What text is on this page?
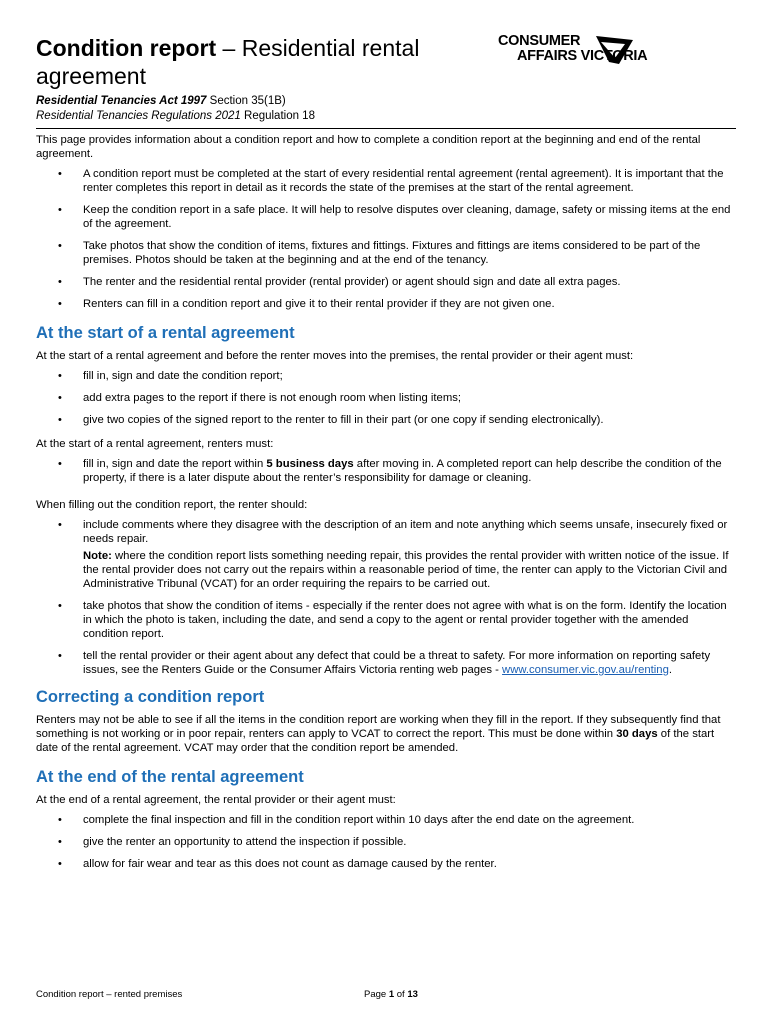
Condition report – Residential rental agreement
CONSUMER
AFFAIRS VICTORIA
Residential Tenancies Act 1997 Section 35(1B)
Residential Tenancies Regulations 2021 Regulation 18

This page provides information about a condition report and how to complete a condition report at the beginning and end of the rental agreement.

• A condition report must be completed at the start of every residential rental agreement (rental agreement). It is important that the renter completes this report in detail as it records the state of the premises at the start of the rental agreement.
• Keep the condition report in a safe place. It will help to resolve disputes over cleaning, damage, safety or missing items at the end of the agreement.
• Take photos that show the condition of items, fixtures and fittings. Fixtures and fittings are items considered to be part of the premises. Photos should be taken at the beginning and at the end of the tenancy.
• The renter and the residential rental provider (rental provider) or agent should sign and date all extra pages.
• Renters can fill in a condition report and give it to their rental provider if they are not given one.
At the start of a rental agreement

At the start of a rental agreement and before the renter moves into the premises, the rental provider or their agent must:

• fill in, sign and date the condition report;
• add extra pages to the report if there is not enough room when listing items;
• give two copies of the signed report to the renter to fill in their part (or one copy if sending electronically).

At the start of a rental agreement, renters must:

• fill in, sign and date the report within 5 business days after moving in. A completed report can help describe the condition of the property, if there is a later dispute about the renter’s responsibility for damage or cleaning.

When filling out the condition report, the renter should:

• include comments where they disagree with the description of an item and note anything which seems unsafe, insecurely fixed or needs repair.

Note: where the condition report lists something needing repair, this provides the rental provider with written notice of the issue. If the rental provider does not carry out the repairs within a reasonable period of time, the renter can apply to the Victorian Civil and Administrative Tribunal (VCAT) for an order requiring the repairs to be carried out.

• take photos that show the condition of items - especially if the renter does not agree with what is on the form. Identify the location in which the photo is taken, including the date, and send a copy to the agent or rental provider together with the amended condition report.
• tell the rental provider or their agent about any defect that could be a threat to safety. For more information on reporting safety issues, see the Renters Guide or the Consumer Affairs Victoria renting web pages - www.consumer.vic.gov.au/renting.
Correcting a condition report

Renters may not be able to see if all the items in the condition report are working when they fill in the report. If they subsequently find that something is not working or in poor repair, renters can apply to VCAT to correct the report. This must be done within 30 days of the start date of the rental agreement. VCAT may order that the condition report be amended.

At the end of the rental agreement

At the end of a rental agreement, the rental provider or their agent must:

• complete the final inspection and fill in the condition report within 10 days after the end date on the agreement.
• give the renter an opportunity to attend the inspection if possible.
• allow for fair wear and tear as this does not count as damage caused by the renter.
Condition report – rented premises	Page 1 of 13
